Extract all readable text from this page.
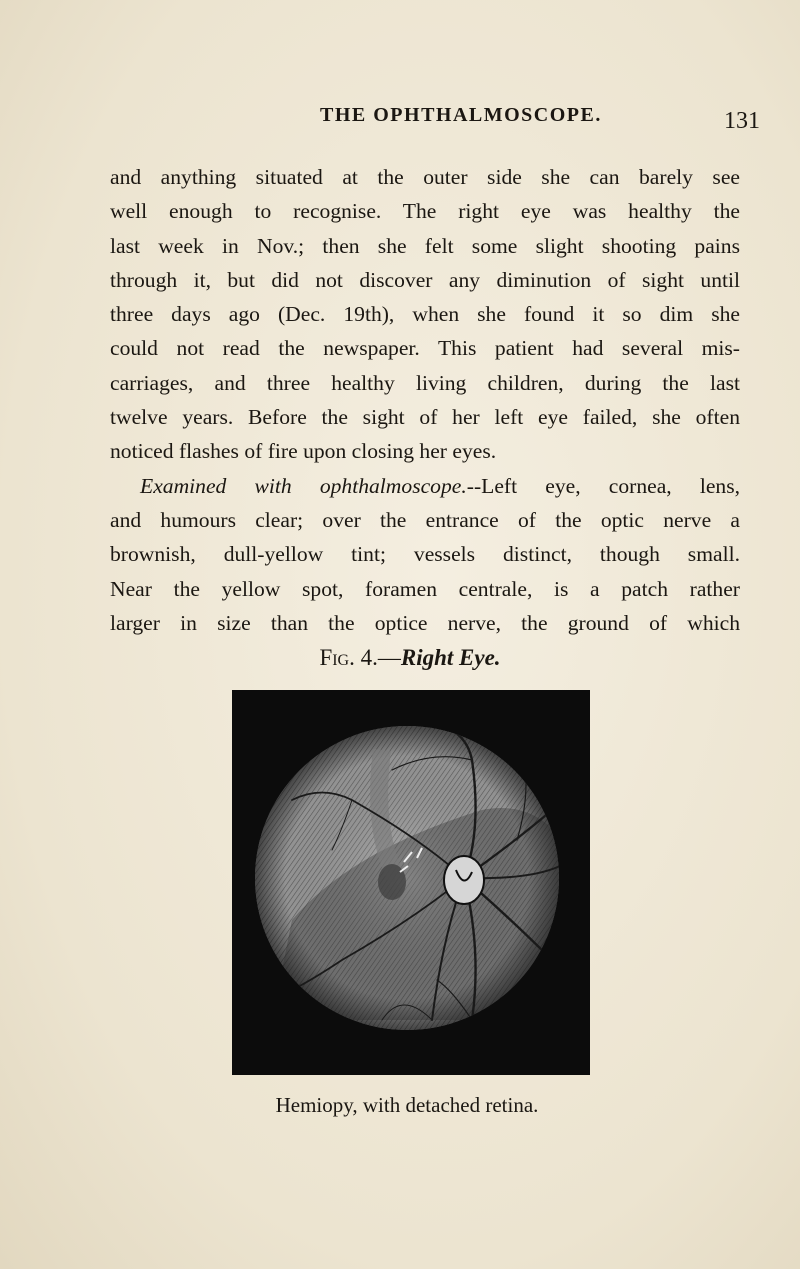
THE OPHTHALMOSCOPE.	131
and anything situated at the outer side she can barely see
well enough to recognise. The right eye was healthy the
last week in Nov.; then she felt some slight shooting pains
through it, but did not discover any diminution of sight until
three days ago (Dec. 19th), when she found it so dim she
could not read the newspaper. This patient had several mis-
carriages, and three healthy living children, during the last
twelve years. Before the sight of her left eye failed, she often
noticed flashes of fire upon closing her eyes.
Examined with ophthalmoscope.--Left eye, cornea, lens,
and humours clear; over the entrance of the optic nerve a
brownish, dull-yellow tint; vessels distinct, though small.
Near the yellow spot, foramen centrale, is a patch rather
larger in size than the optice nerve, the ground of which
Fig. 4.—Right Eye.
Hemiopy, with detached retina.
